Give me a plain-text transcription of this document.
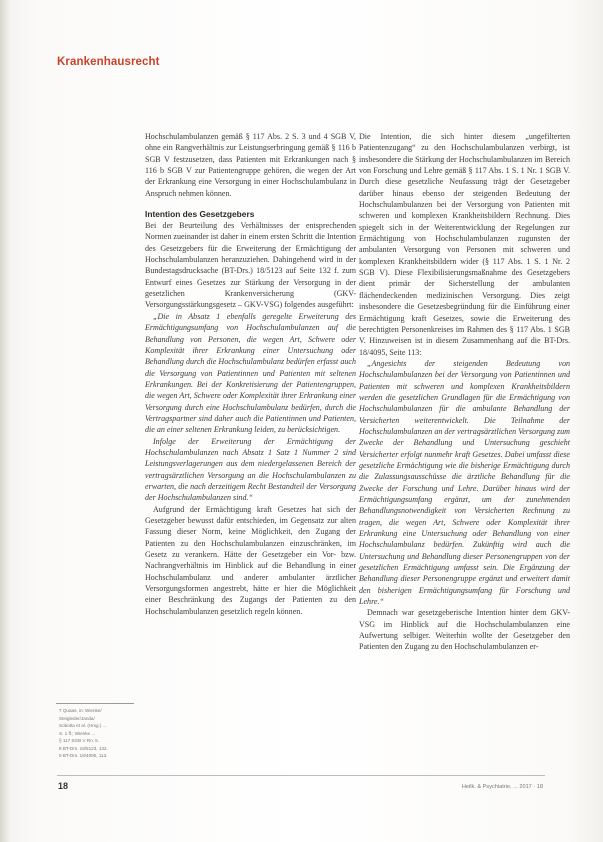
Krankenhausrecht

Hochschulambulanzen gemäß § 117 Abs. 2 S. 3 und 4 SGB V, ohne ein Rangverhältnis zur Leistungserbringung gemäß § 116 b SGB V festzusetzen, dass Patienten mit Erkrankungen nach § 116 b SGB V zur Patientengruppe gehören, die wegen der Art der Erkrankung eine Versorgung in einer Hochschulambulanz in Anspruch nehmen können.

Intention des Gesetzgebers

Bei der Beurteilung des Verhältnisses der entsprechenden Normen zueinander ist daher in einem ersten Schritt die Intention des Gesetzgebers für die Erweiterung der Ermächtigung der Hochschulambulanzen heranzuziehen. Dahingehend wird in der Bundestagsdrucksache (BT-Drs.) 18/5123 auf Seite 132 f. zum Entwurf eines Gesetzes zur Stärkung der Versorgung in der gesetzlichen Krankenversicherung (GKV-Versorgungsstärkungsgesetz – GKV-VSG) folgendes ausgeführt:

„Die in Absatz 1 ebenfalls geregelte Erweiterung des Ermächtigungsumfang von Hochschulambulanzen auf die Behandlung von Personen, die wegen Art, Schwere oder Komplexität ihrer Erkrankung einer Untersuchung oder Behandlung durch die Hochschulambulanz bedürfen erfasst auch die Versorgung von Patientinnen und Patienten mit seltenen Erkrankungen. Bei der Konkretisierung der Patientengruppen, die wegen Art, Schwere oder Komplexität ihrer Erkrankung einer Versorgung durch eine Hochschulambulanz bedürfen, durch die Vertragspartner sind daher auch die Patientinnen und Patienten, die an einer seltenen Erkrankung leiden, zu berücksichtigen.

Infolge der Erweiterung der Ermächtigung der Hochschulambulanzen nach Absatz 1 Satz 1 Nummer 2 sind Leistungsverlagerungen aus dem niedergelassenen Bereich der vertragsärztlichen Versorgung an die Hochschulambulanzen zu erwarten, die nach derzeitigem Recht Bestandteil der Versorgung der Hochschulambulanzen sind.“

Aufgrund der Ermächtigung kraft Gesetzes hat sich der Gesetzgeber bewusst dafür entschieden, im Gegensatz zur alten Fassung dieser Norm, keine Möglichkeit, den Zugang der Patienten zu den Hochschulambulanzen einzuschränken, im Gesetz zu verankern. Hätte der Gesetzgeber ein Vor- bzw. Nachrangverhältnis im Hinblick auf die Behandlung in einer Hochschulambulanz und anderer ambulanter ärztlicher Versorgungsformen angestrebt, hätte er hier die Möglichkeit einer Beschränkung des Zugangs der Patienten zu den Hochschulambulanzen gesetzlich regeln können.

Die Intention, die sich hinter diesem „ungefilterten Patientenzugang“ zu den Hochschulambulanzen verbirgt, ist insbesondere die Stärkung der Hochschulambulanzen im Bereich von Forschung und Lehre gemäß § 117 Abs. 1 S. 1 Nr. 1 SGB V. Durch diese gesetzliche Neufassung trägt der Gesetzgeber darüber hinaus ebenso der steigenden Bedeutung der Hochschulambulanzen bei der Versorgung von Patienten mit schweren und komplexen Krankheitsbildern Rechnung. Dies spiegelt sich in der Weiterentwicklung der Regelungen zur Ermächtigung von Hochschulambulanzen zugunsten der ambulanten Versorgung von Personen mit schweren und komplexen Krankheitsbildern wider (§ 117 Abs. 1 S. 1 Nr. 2 SGB V). Diese Flexibilisierungsmaßnahme des Gesetzgebers dient primär der Sicherstellung der ambulanten flächendeckenden medizinischen Versorgung. Dies zeigt insbesondere die Gesetzesbegründung für die Einführung einer Ermächtigung kraft Gesetzes, sowie die Erweiterung des berechtigten Personenkreises im Rahmen des § 117 Abs. 1 SGB V. Hinzuweisen ist in diesem Zusammenhang auf die BT-Drs. 18/4095, Seite 113:

„Angesichts der steigenden Bedeutung von Hochschulambulanzen bei der Versorgung von Patientinnen und Patienten mit schweren und komplexen Krankheitsbildern werden die gesetzlichen Grundlagen für die Ermächtigung von Hochschulambulanzen für die ambulante Behandlung der Versicherten weiterentwickelt. Die Teilnahme der Hochschulambulanzen an der vertragsärztlichen Versorgung zum Zwecke der Behandlung und Untersuchung geschieht Versicherter erfolgt nunmehr kraft Gesetzes. Dabei umfasst diese gesetzliche Ermächtigung wie die bisherige Ermächtigung durch die Zulassungsausschüsse die ärztliche Behandlung für die Zwecke der Forschung und Lehre. Darüber hinaus wird der Ermächtigungsumfang ergänzt, um der zunehmenden Behandlungsnotwendigkeit von Versicherten Rechnung zu tragen, die wegen Art, Schwere oder Komplexität ihrer Erkrankung eine Untersuchung oder Behandlung von einer Hochschulambulanz bedürfen. Zukünftig wird auch die Untersuchung und Behandlung dieser Personengruppen von der gesetzlichen Ermächtigung umfasst sein. Die Ergänzung der Behandlung dieser Personengruppe ergänzt und erweitert damit den bisherigen Ermächtigungsumfang für Forschung und Lehre.“

Demnach war gesetzgeberische Intention hinter dem GKV-VSG im Hinblick auf die Hochschulambulanzen eine Aufwertung selbiger. Weiterhin wollte der Gesetzgeber den Patienten den Zugang zu den Hochschulambulanzen er-

7 Quaas, in: Wienke/
Steigleder/Janda/
Sobotta et al. (Hrsg.) ...
S. 1 ff.; Wienke ...
§ 117 SGB V Rn. 5.
8 BT-Drs. 18/5123, 132.
9 BT-Drs. 18/4095, 113.
18	Heilk. & Psychiatrie, ... 2017 · 18
